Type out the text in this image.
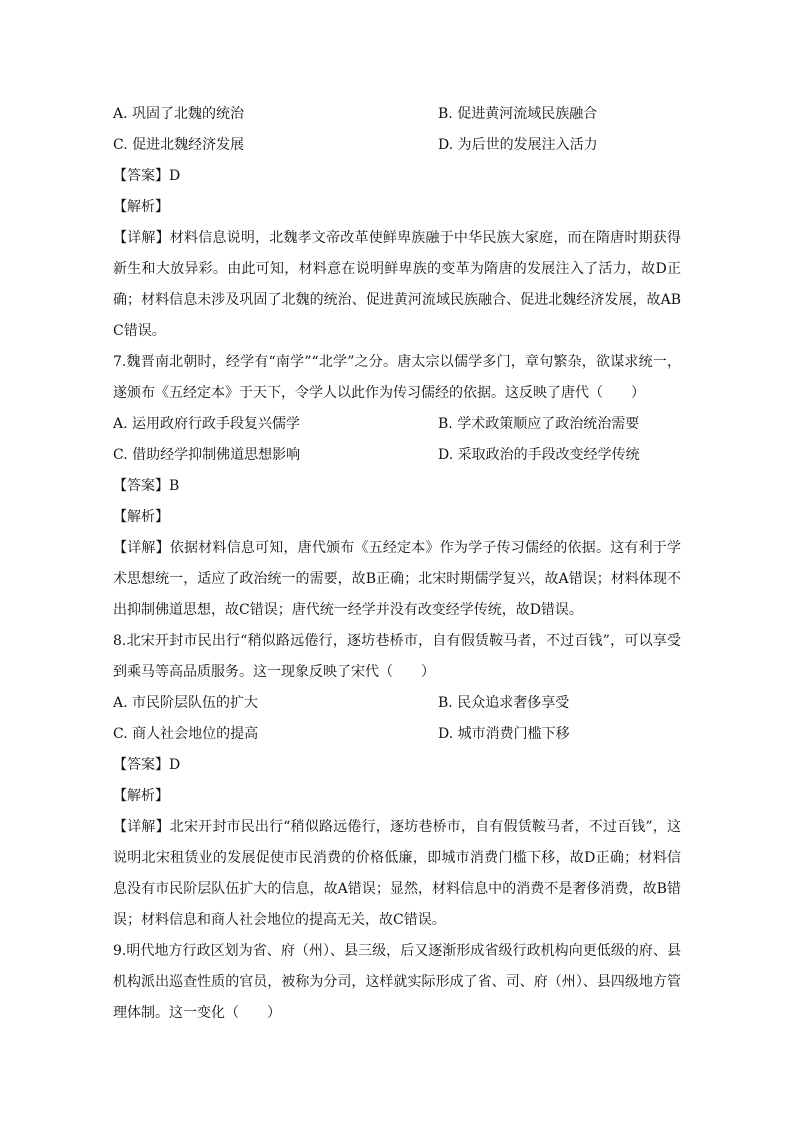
A. 巩固了北魏的统治	B. 促进黄河流域民族融合
C. 促进北魏经济发展	D. 为后世的发展注入活力
【答案】D
【解析】
【详解】材料信息说明，北魏孝文帝改革使鲜卑族融于中华民族大家庭，而在隋唐时期获得新生和大放异彩。由此可知，材料意在说明鲜卑族的变革为隋唐的发展注入了活力，故D正确；材料信息未涉及巩固了北魏的统治、促进黄河流域民族融合、促进北魏经济发展，故ABC错误。
7.魏晋南北朝时，经学有“南学”“北学”之分。唐太宗以儒学多门，章句繁杂，欲谋求统一，遂颁布《五经定本》于天下，令学人以此作为传习儒经的依据。这反映了唐代（　　）
A. 运用政府行政手段复兴儒学	B. 学术政策顺应了政治统治需要
C. 借助经学抑制佛道思想影响	D. 采取政治的手段改变经学传统
【答案】B
【解析】
【详解】依据材料信息可知，唐代颁布《五经定本》作为学子传习儒经的依据。这有利于学术思想统一，适应了政治统一的需要，故B正确；北宋时期儒学复兴，故A错误；材料体现不出抑制佛道思想，故C错误；唐代统一经学并没有改变经学传统，故D错误。
8.北宋开封市民出行“稍似路远倦行，逐坊巷桥市，自有假赁鞍马者，不过百钱”，可以享受到乘马等高品质服务。这一现象反映了宋代（　　）
A. 市民阶层队伍的扩大	B. 民众追求奢侈享受
C. 商人社会地位的提高	D. 城市消费门槛下移
【答案】D
【解析】
【详解】北宋开封市民出行“稍似路远倦行，逐坊巷桥市，自有假赁鞍马者，不过百钱”，这说明北宋租赁业的发展促使市民消费的价格低廉，即城市消费门槛下移，故D正确；材料信息没有市民阶层队伍扩大的信息，故A错误；显然，材料信息中的消费不是奢侈消费，故B错误；材料信息和商人社会地位的提高无关，故C错误。
9.明代地方行政区划为省、府（州）、县三级，后又逐渐形成省级行政机构向更低级的府、县机构派出巡查性质的官员，被称为分司，这样就实际形成了省、司、府（州）、县四级地方管理体制。这一变化（　　）
